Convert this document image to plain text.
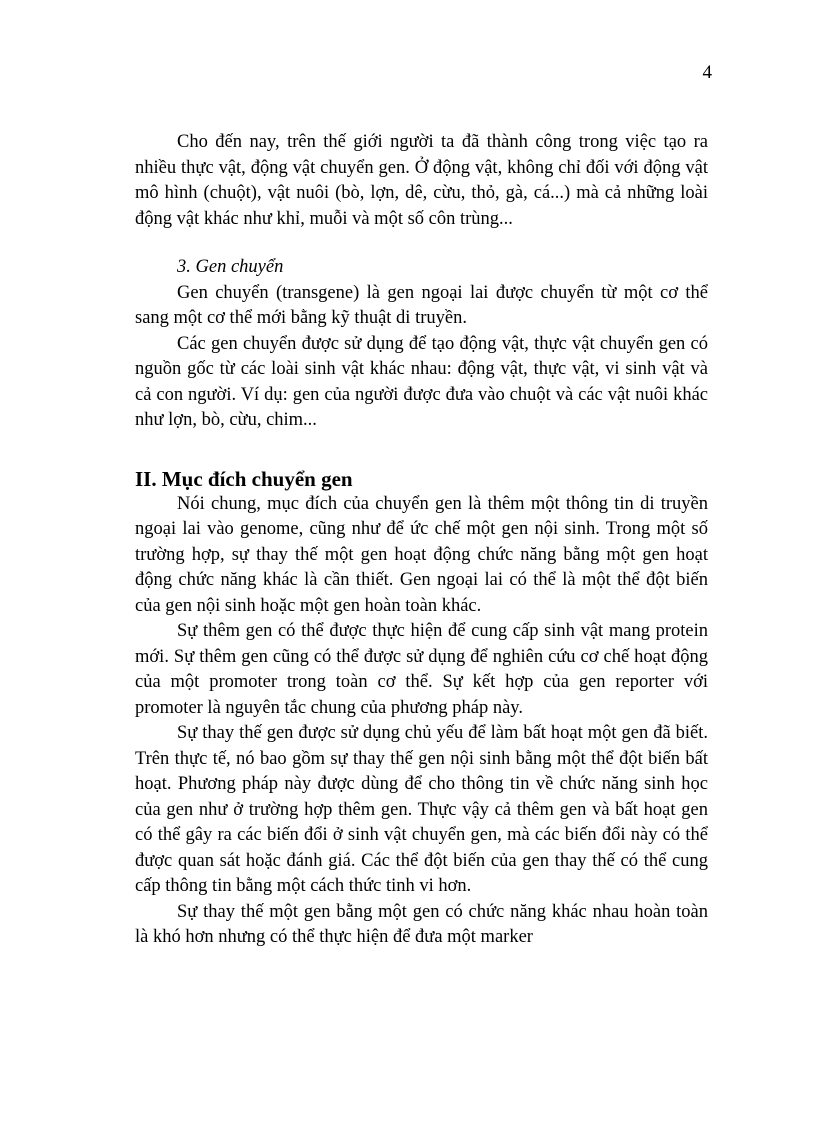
4

Cho đến nay, trên thế giới người ta đã thành công trong việc tạo ra nhiều thực vật, động vật chuyển gen. Ở động vật, không chỉ đối với động vật mô hình (chuột), vật nuôi (bò, lợn, dê, cừu, thỏ, gà, cá...) mà cả những loài động vật khác như khỉ, muỗi và một số côn trùng...

3. Gen chuyển

Gen chuyển (transgene) là gen ngoại lai được chuyển từ một cơ thể sang một cơ thể mới bằng kỹ thuật di truyền.

Các gen chuyển được sử dụng để tạo động vật, thực vật chuyển gen có nguồn gốc từ các loài sinh vật khác nhau: động vật, thực vật, vi sinh vật và cả con người. Ví dụ: gen của người được đưa vào chuột và các vật nuôi khác như lợn, bò, cừu, chim...

II. Mục đích chuyển gen

Nói chung, mục đích của chuyển gen là thêm một thông tin di truyền ngoại lai vào genome, cũng như để ức chế một gen nội sinh. Trong một số trường hợp, sự thay thế một gen hoạt động chức năng bằng một gen hoạt động chức năng khác là cần thiết. Gen ngoại lai có thể là một thể đột biến của gen nội sinh hoặc một gen hoàn toàn khác.

Sự thêm gen có thể được thực hiện để cung cấp sinh vật mang protein mới. Sự thêm gen cũng có thể được sử dụng để nghiên cứu cơ chế hoạt động của một promoter trong toàn cơ thể. Sự kết hợp của gen reporter với promoter là nguyên tắc chung của phương pháp này.

Sự thay thế gen được sử dụng chủ yếu để làm bất hoạt một gen đã biết. Trên thực tế, nó bao gồm sự thay thế gen nội sinh bằng một thể đột biến bất hoạt. Phương pháp này được dùng để cho thông tin về chức năng sinh học của gen như ở trường hợp thêm gen. Thực vậy cả thêm gen và bất hoạt gen có thể gây ra các biến đổi ở sinh vật chuyển gen, mà các biến đổi này có thể được quan sát hoặc đánh giá. Các thể đột biến của gen thay thế có thể cung cấp thông tin bằng một cách thức tinh vi hơn.

Sự thay thế một gen bằng một gen có chức năng khác nhau hoàn toàn là khó hơn nhưng có thể thực hiện để đưa một marker
